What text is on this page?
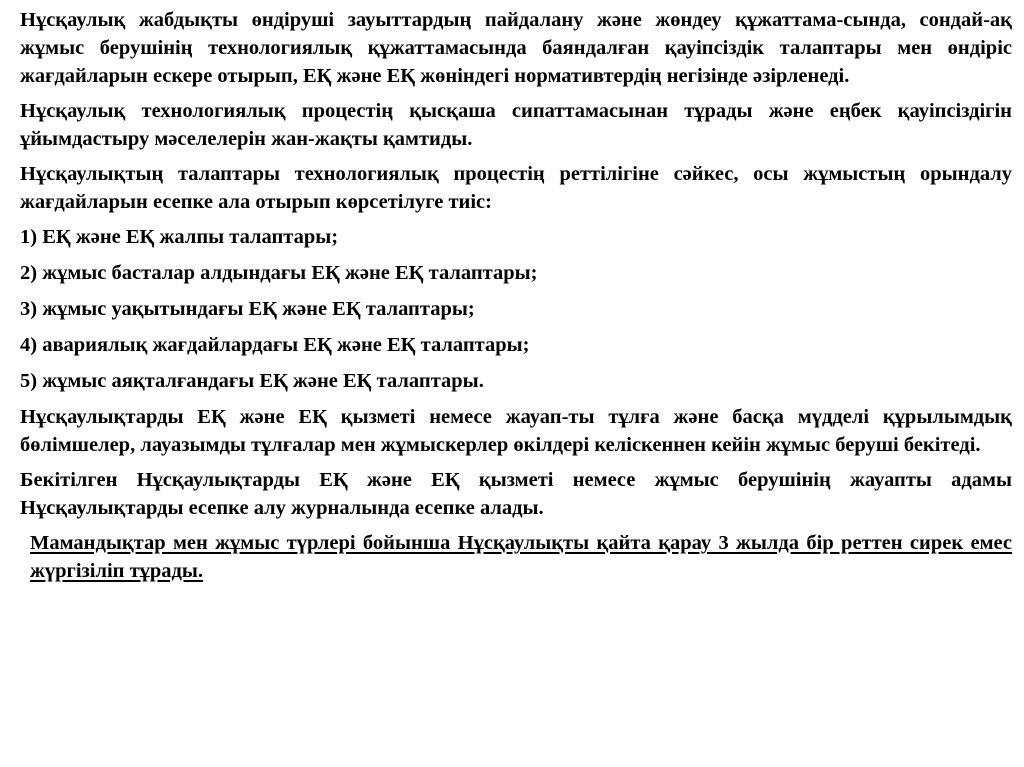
Нұсқаулық жабдықты өндіруші зауыттардың пайдалану және жөндеу құжаттама-сында, сондай-ақ жұмыс берушінің технологиялық құжаттамасында баяндалған қауіпсіздік талаптары мен өндіріс жағдайларын ескере отырып, ЕҚ және ЕҚ жөніндегі нормативтердің негізінде әзірленеді.

Нұсқаулық технологиялық процестің қысқаша сипаттамасынан тұрады және еңбек қауіпсіздігін ұйымдастыру мәселелерін жан-жақты қамтиды.

Нұсқаулықтың талаптары технологиялық процестің реттілігіне сәйкес, осы жұмыстың орындалу жағдайларын есепке ала отырып көрсетілуге тиіс:

1) ЕҚ және ЕҚ жалпы талаптары;
2) жұмыс басталар алдындағы ЕҚ және ЕҚ талаптары;
3) жұмыс уақытындағы ЕҚ және ЕҚ талаптары;
4) авариялық жағдайлардағы ЕҚ және ЕҚ талаптары;
5) жұмыс аяқталғандағы ЕҚ және ЕҚ талаптары.

Нұсқаулықтарды ЕҚ және ЕҚ қызметі немесе жауап-ты тұлға және басқа мүдделі құрылымдық бөлімшелер, лауазымды тұлғалар мен жұмыскерлер өкілдері келіскеннен кейін жұмыс беруші бекітеді.

Бекітілген Нұсқаулықтарды ЕҚ және ЕҚ қызметі немесе жұмыс берушінің жауапты адамы Нұсқаулықтарды есепке алу журналында есепке алады.

Мамандықтар мен жұмыс түрлері бойынша Нұсқаулықты қайта қарау 3 жылда бір реттен сирек емес жүргізіліп тұрады.
